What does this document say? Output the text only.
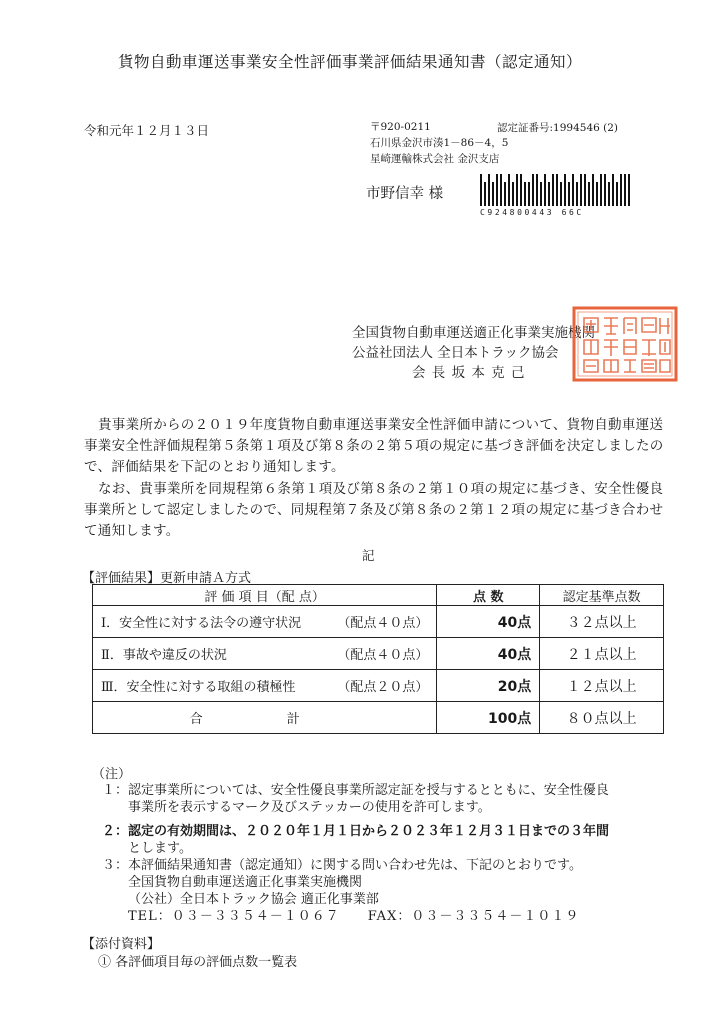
貨物自動車運送事業安全性評価事業評価結果通知書（認定通知）
令和元年１２月１３日	〒920-0211	認定証番号:1994546 (2)
石川県金沢市湊1－86－4，5
星崎運輸株式会社 金沢支店
市野信幸 様
C924800443 66C
全国貨物自動車運送適正化事業実施機関
公益社団法人 全日本トラック協会
会 長 坂 本 克 己
貴事業所からの２０１９年度貨物自動車運送事業安全性評価申請について、貨物自動車運送事業安全性評価規程第５条第１項及び第８条の２第５項の規定に基づき評価を決定しましたので、評価結果を下記のとおり通知します。
なお、貴事業所を同規程第６条第１項及び第８条の２第１０項の規定に基づき、安全性優良事業所として認定しましたので、同規程第７条及び第８条の２第１２項の規定に基づき合わせて通知します。
記
【評価結果】更新申請Ａ方式
評 価 項 目（配 点）	点 数	認定基準点数

Ⅰ．安全性に対する法令の遵守状況 （配点４０点）	40点	３２点以上

Ⅱ．事故や違反の状況 （配点４０点）	40点	２１点以上

Ⅲ．安全性に対する取組の積極性 （配点２０点）	20点	１２点以上
合 計	100点	８０点以上
（注）
１：認定事業所については、安全性優良事業所認定証を授与するとともに、安全性優良
事業所を表示するマーク及びステッカーの使用を許可します。
２：認定の有効期間は、２０２０年１月１日から２０２３年１２月３１日までの３年間
とします。
３：本評価結果通知書（認定通知）に関する問い合わせ先は、下記のとおりです。
全国貨物自動車運送適正化事業実施機関
（公社）全日本トラック協会 適正化事業部
TEL：０３－３３５４－１０６７　　FAX：０３－３３５４－１０１９
【添付資料】
① 各評価項目毎の評価点数一覧表
